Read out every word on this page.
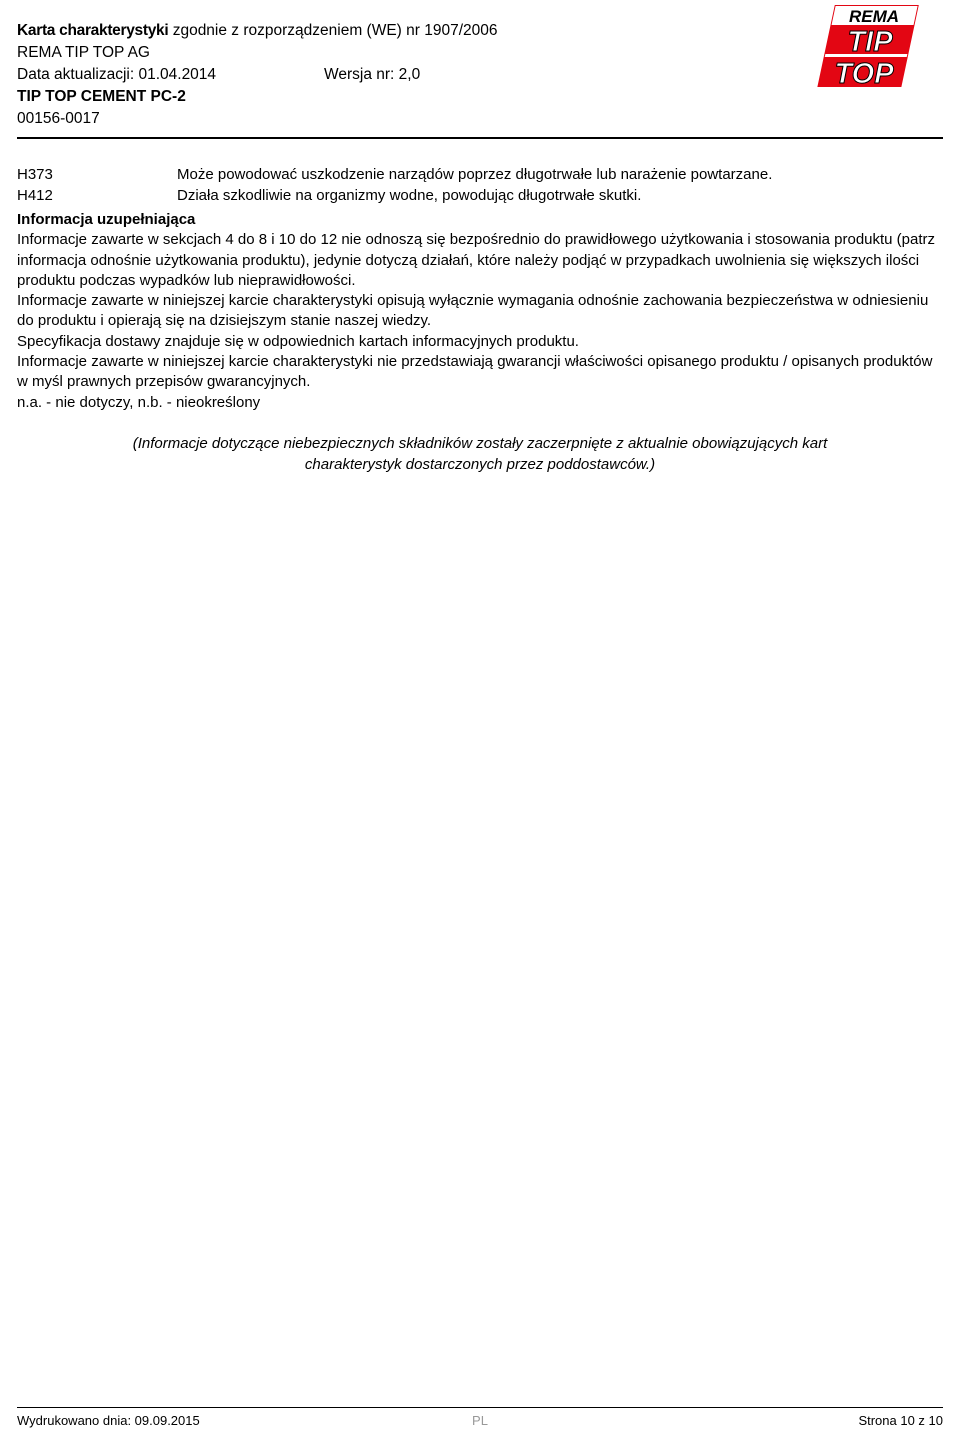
Karta charakterystyki zgodnie z rozporządzeniem (WE) nr 1907/2006
REMA TIP TOP AG
Data aktualizacji: 01.04.2014	Wersja nr: 2,0
TIP TOP CEMENT PC-2
00156-0017
REMA
TIP
TOP
H373	Może powodować uszkodzenie narządów poprzez długotrwałe lub narażenie powtarzane.
H412	Działa szkodliwie na organizmy wodne, powodując długotrwałe skutki.

Informacja uzupełniająca

Informacje zawarte w sekcjach 4 do 8 i 10 do 12 nie odnoszą się bezpośrednio do prawidłowego użytkowania i stosowania produktu (patrz informacja odnośnie użytkowania produktu), jedynie dotyczą działań, które należy podjąć w przypadkach uwolnienia się większych ilości produktu podczas wypadków lub nieprawidłowości.

Informacje zawarte w niniejszej karcie charakterystyki opisują wyłącznie wymagania odnośnie zachowania bezpieczeństwa w odniesieniu do produktu i opierają się na dzisiejszym stanie naszej wiedzy.

Specyfikacja dostawy znajduje się w odpowiednich kartach informacyjnych produktu.

Informacje zawarte w niniejszej karcie charakterystyki nie przedstawiają gwarancji właściwości opisanego produktu / opisanych produktów w myśl prawnych przepisów gwarancyjnych.

n.a. - nie dotyczy, n.b. - nieokreślony

(Informacje dotyczące niebezpiecznych składników zostały zaczerpnięte z aktualnie obowiązujących kart

charakterystyk dostarczonych przez poddostawców.)

Wydrukowano dnia: 09.09.2015	PL	Strona 10 z 10
